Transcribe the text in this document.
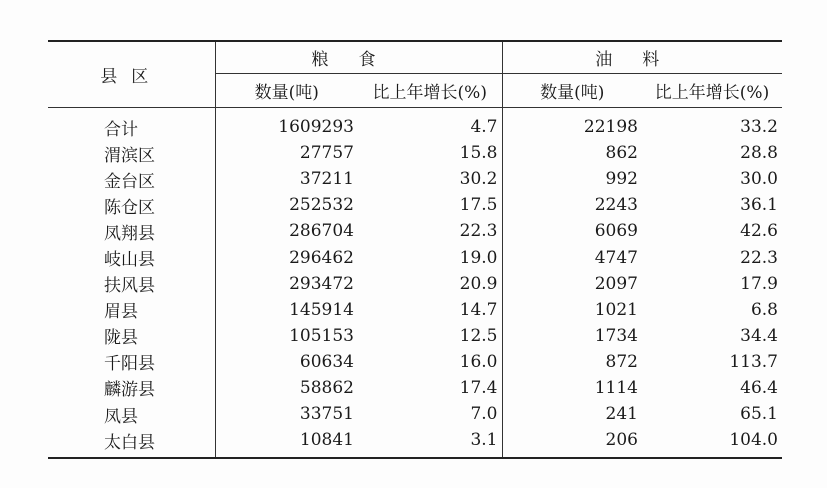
县区	粮食		油料	
	数量(吨)	比上年增长(%)	数量(吨)	比上年增长(%)
合计	1609293	4.7	22198	33.2
渭滨区	27757	15.8	862	28.8
金台区	37211	30.2	992	30.0
陈仓区	252532	17.5	2243	36.1
凤翔县	286704	22.3	6069	42.6
岐山县	296462	19.0	4747	22.3
扶风县	293472	20.9	2097	17.9
眉县	145914	14.7	1021	6.8
陇县	105153	12.5	1734	34.4
千阳县	60634	16.0	872	113.7
麟游县	58862	17.4	1114	46.4
凤县	33751	7.0	241	65.1
太白县	10841	3.1	206	104.0
